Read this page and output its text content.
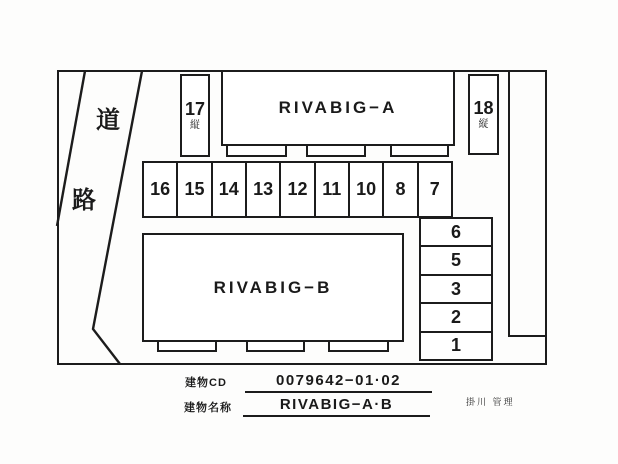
道
路
17
縦
18
縦
RIVABIG−A
16 15 14 13 12 11 10	8	7
RIVABIG−B
6
5
3
2
1
建物CD	0079642−01·02
建物名称	RIVABIG−A·B	掛川 管理
